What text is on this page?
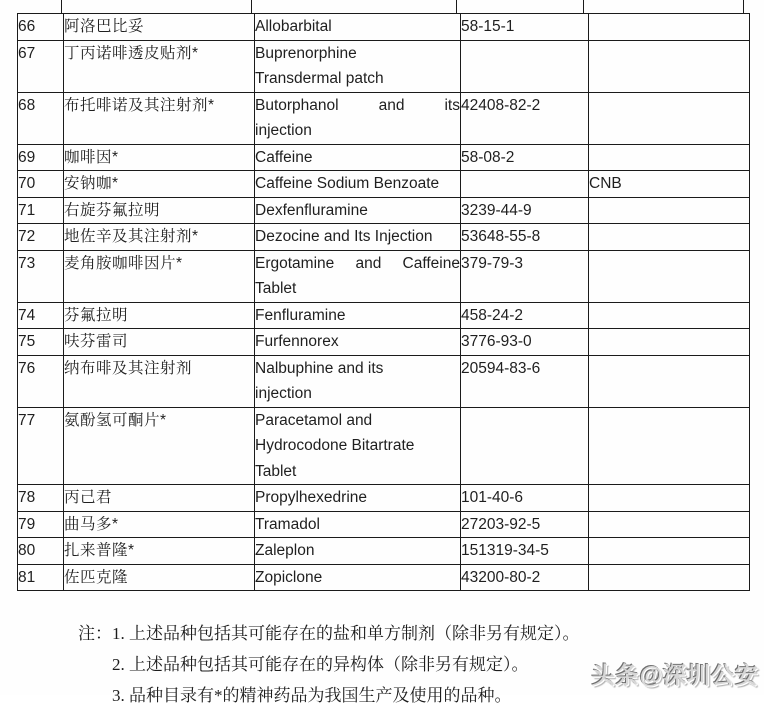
66	阿洛巴比妥	Allobarbital	58-15-1	
67	丁丙诺啡透皮贴剂*	Buprenorphine
Transdermal patch		

68	布托啡诺及其注射剂*	Butorphanol and its
injection	42408-82-2	
69	咖啡因*	Caffeine	58-08-2	
70	安钠咖*	Caffeine Sodium Benzoate		CNB
71	右旋芬氟拉明	Dexfenfluramine	3239-44-9	
72	地佐辛及其注射剂*	Dezocine and Its Injection	53648-55-8	
73	麦角胺咖啡因片*	Ergotamine and Caffeine
Tablet	379-79-3	
74	芬氟拉明	Fenfluramine	458-24-2	
75	呋芬雷司	Furfennorex	3776-93-0	
76	纳布啡及其注射剂	Nalbuphine and its
injection	20594-83-6	
77	氨酚氢可酮片*	Paracetamol and
Hydrocodone Bitartrate
Tablet		

78	丙己君	Propylhexedrine	101-40-6	
79	曲马多*	Tramadol	27203-92-5	
80	扎来普隆*	Zaleplon	151319-34-5	
81	佐匹克隆	Zopiclone	43200-80-2	
注： 1. 上述品种包括其可能存在的盐和单方制剂（除非另有规定）。
2. 上述品种包括其可能存在的异构体（除非另有规定）。
3. 品种目录有*的精神药品为我国生产及使用的品种。
头条@深圳公安
